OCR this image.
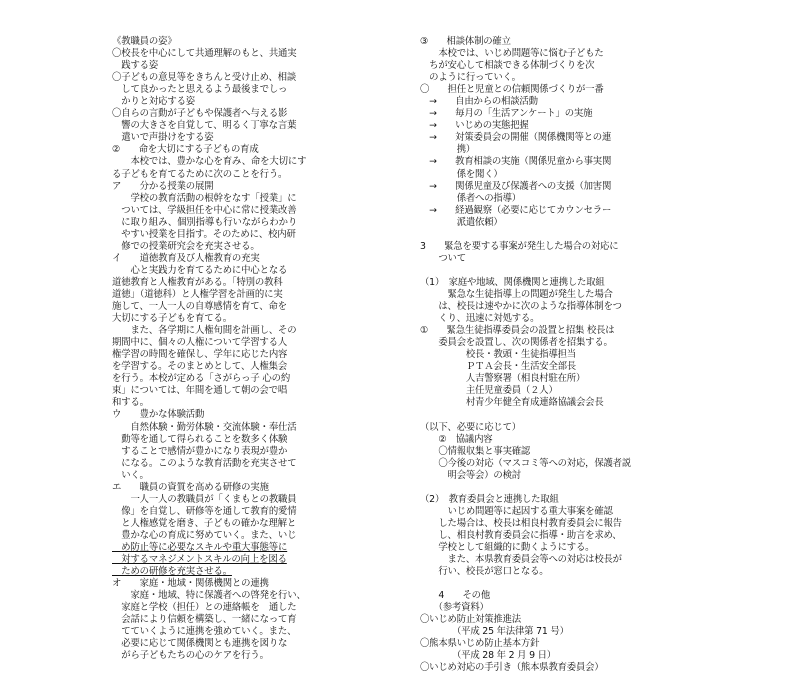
《教職員の姿》
〇校長を中心にして共通理解のもと、共通実
　践する姿
〇子どもの意見等をきちんと受け止め、相談
　して良かったと思えるよう最後までしっ
　かりと対応する姿
〇自らの言動が子どもや保護者へ与える影
　響の大きさを自覚して、明るく丁寧な言葉
　遣いで声掛けをする姿
②　　命を大切にする子どもの育成
　　本校では、豊かな心を育み、命を大切にす
る子どもを育てるために次のことを行う。
ア　　分かる授業の展開
　　学校の教育活動の根幹をなす「授業」に
　ついては、学級担任を中心に常に授業改善
　に取り組み、個別指導も行いながらわかり
　やすい授業を目指す。そのために、校内研
　修での授業研究会を充実させる。
イ　　道徳教育及び人権教育の充実
　　心と実践力を育てるために中心となる
道徳教育と人権教育がある。「特別の教科
道徳」（道徳科）と人権学習を計画的に実
施して、一人一人の自尊感情を育て、命を
大切にする子どもを育てる。
　　また、各学期に人権旬間を計画し、その
期間中に、個々の人権について学習する人
権学習の時間を確保し、学年に応じた内容
を学習する。そのまとめとして、人権集会
を行う。本校が定める「さがらっ子 心の約
束」については、年間を通して朝の会で唱
和する。
ウ　　豊かな体験活動
　　自然体験・勤労体験・交流体験・奉仕活
　動等を通して得られることを数多く体験
　することで感情が豊かになり表現が豊か
　になる。このような教育活動を充実させて
　いく。
エ　　職員の資質を高める研修の実施
　　一人一人の教職員が「くまもとの教職員
　像」を自覚し、研修等を通して教育的愛情
　と人権感覚を磨き、子どもの確かな理解と
　豊かな心の育成に努めていく。また、いじ
　め防止等に必要なスキルや重大事態等に
　対するマネジメントスキルの向上を図る
　ための研修を充実させる。
オ　　家庭・地域・関係機関との連携
　　家庭・地域、特に保護者への啓発を行い、
　家庭と学校（担任）との連絡帳を　通した
　会話により信頼を構築し、一緒になって育
　てていくように連携を強めていく。また、
　必要に応じて関係機関とも連携を図りな
　がら子どもたちの心のケアを行う。
③　　相談体制の確立
　　本校では、いじめ問題等に悩む子どもた
　ちが安心して相談できる体制づくりを次
　のように行っていく。
〇　　担任と児童との信頼関係づくりが一番
　→　　自由からの相談活動
　→　　毎月の「生活アンケート」の実施
　→　　いじめの実態把握
　→　　対策委員会の開催（関係機関等との連
　　　　携）
　→　　教育相談の実施（関係児童から事実関
　　　　係を聞く）
　→　　関係児童及び保護者への支援（加害関
　　　　係者への指導）
　→　　経過観察（必要に応じてカウンセラー
　　　　派遣依頼）
3　　緊急を要する事案が発生した場合の対応に
　　ついて
（1）　家庭や地域、関係機関と連携した取組
　　　緊急な生徒指導上の問題が発生した場合
　　は、校長は速やかに次のような指導体制をつ
　　くり、迅速に対処する。
①　　緊急生徒指導委員会の設置と招集 校長は
　　委員会を設置し、次の関係者を招集する。
　　　　　校長・教頭・生徒指導担当
　　　　　ＰＴＡ会長・生活安全部長
　　　　　人吉警察署（相良村駐在所）
　　　　　主任児童委員（２人）
　　　　　村青少年健全育成連絡協議会会長
（以下、必要に応じて）
　　②　協議内容
　　〇情報収集と事実確認
　　〇今後の対応（マスコミ等への対応，保護者説
　　　明会等会）の検討
（2）　教育委員会と連携した取組
　　　いじめ問題等に起因する重大事案を確認
　　した場合は、校長は相良村教育委員会に報告
　　し、相良村教育委員会に指導・助言を求め、
　　学校として組織的に動くようにする。
　　　また、本県教育委員会等への対応は校長が
　　行い、校長が窓口となる。
　　4　　その他
　　（参考資料）
〇いじめ防止対策推進法
　　　　（平成 25 年法律第 71 号）
〇熊本県いじめ防止基本方針
　　　　（平成 28 年 2 月 9 日）
〇いじめ対応の手引き（熊本県教育委員会）
